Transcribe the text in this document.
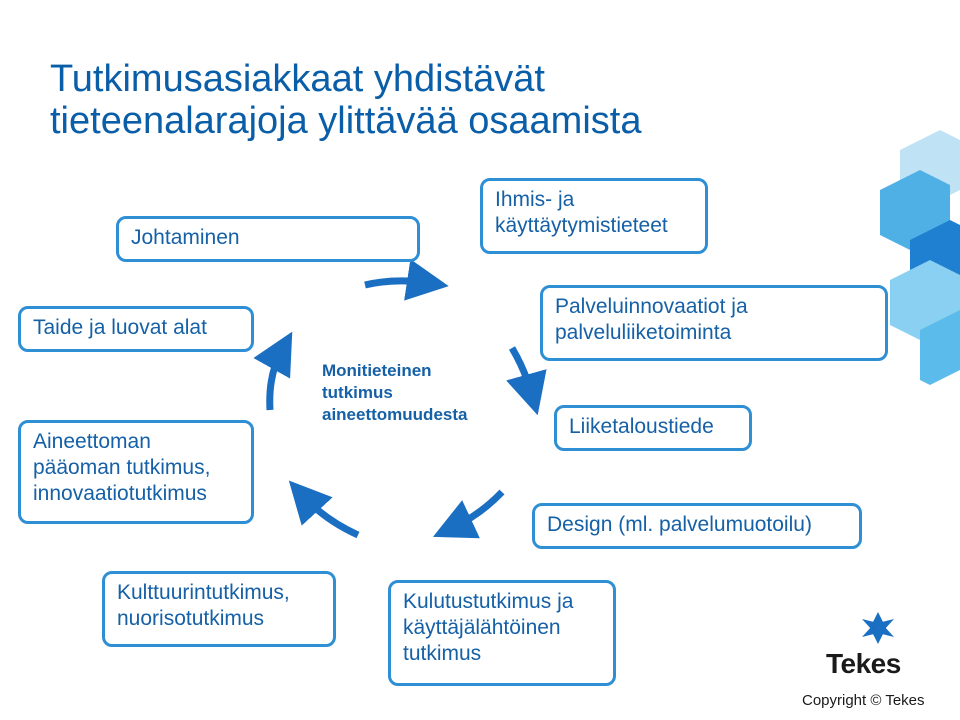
Tutkimusasiakkaat yhdistävät
tieteenalarajoja ylittävää osaamista
Monitieteinen
tutkimus
aineettomuudesta
Johtaminen
Ihmis- ja
käyttäytymistieteet
Taide ja luovat alat
Palveluinnovaatiot ja
palveluliiketoiminta
Aineettoman
pääoman tutkimus,
innovaatiotutkimus
Liiketaloustiede
Design (ml. palvelumuotoilu)
Kulttuurintutkimus,
nuorisotutkimus
Kulutustutkimus ja
käyttäjälähtöinen
tutkimus	Tekes
Copyright © Tekes
